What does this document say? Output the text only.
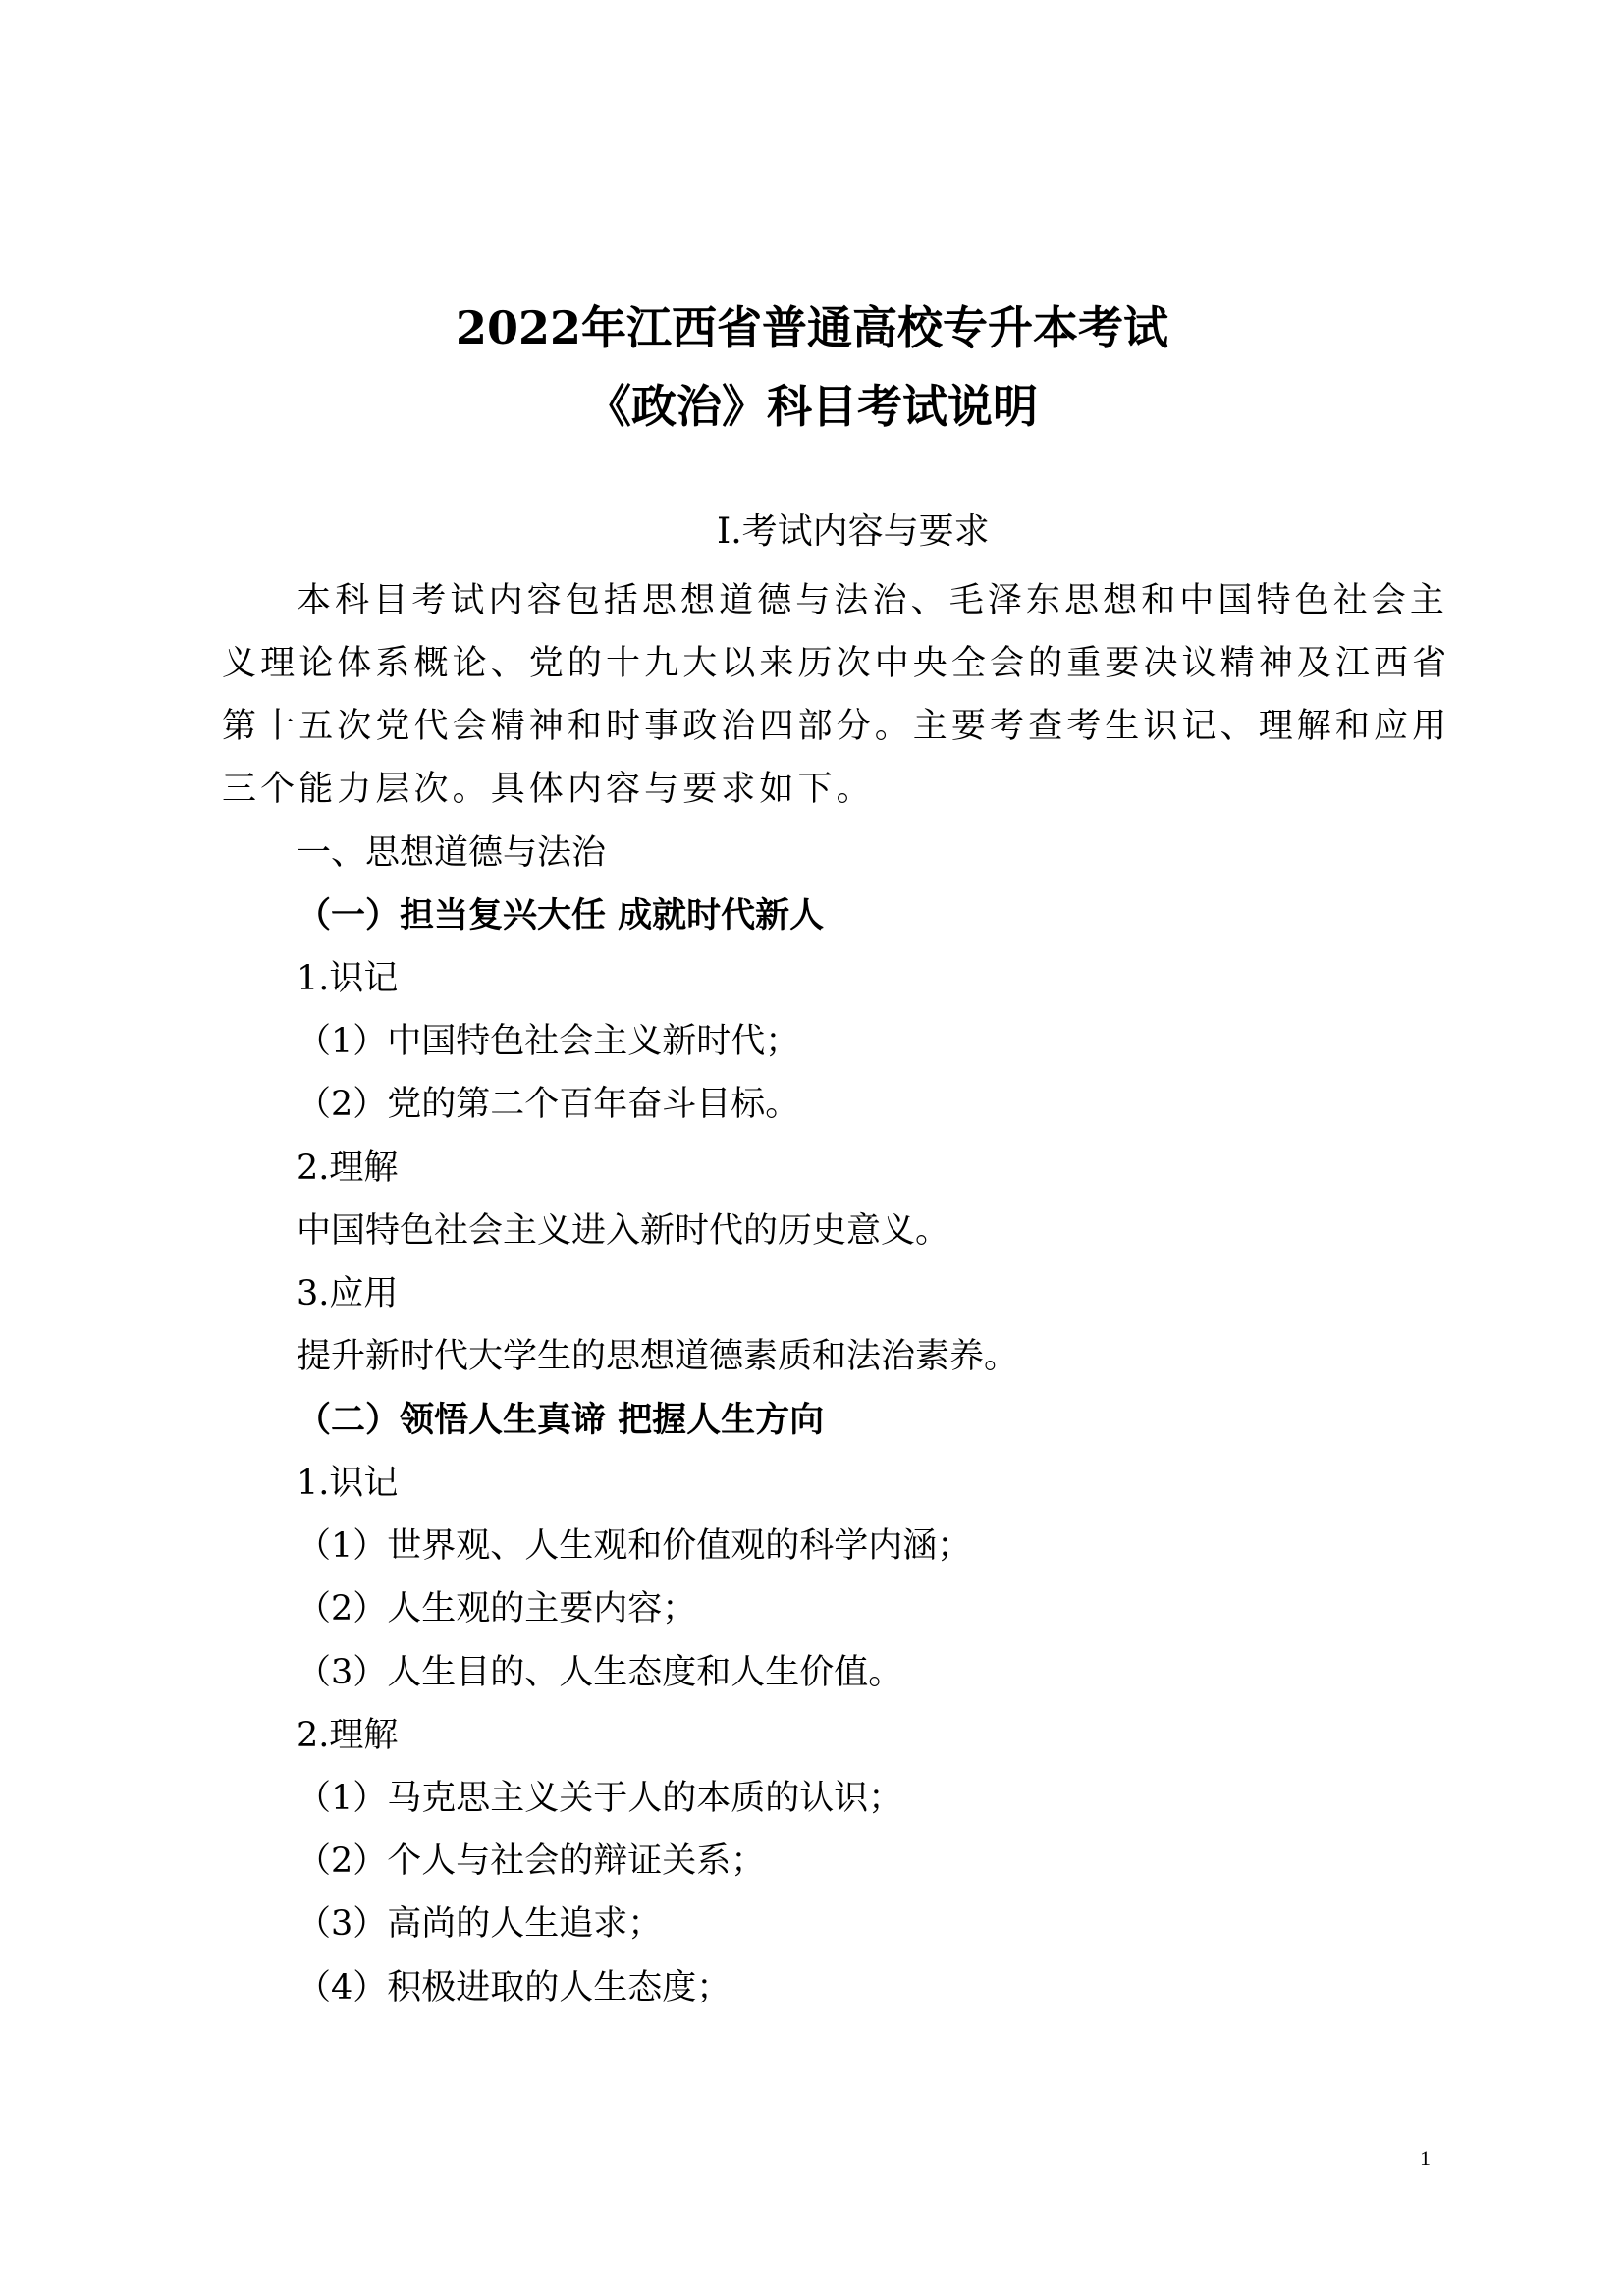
2022年江西省普通高校专升本考试
《政治》科目考试说明
Ⅰ.考试内容与要求
本科目考试内容包括思想道德与法治、毛泽东思想和中国特色社会主
义理论体系概论、党的十九大以来历次中央全会的重要决议精神及江西省
第十五次党代会精神和时事政治四部分。主要考查考生识记、理解和应用
三个能力层次。具体内容与要求如下。
一、思想道德与法治
（一）担当复兴大任 成就时代新人
1.识记
（1）中国特色社会主义新时代；
（2）党的第二个百年奋斗目标。
2.理解
中国特色社会主义进入新时代的历史意义。
3.应用
提升新时代大学生的思想道德素质和法治素养。
（二）领悟人生真谛 把握人生方向
1.识记
（1）世界观、人生观和价值观的科学内涵；
（2）人生观的主要内容；
（3）人生目的、人生态度和人生价值。
2.理解
（1）马克思主义关于人的本质的认识；
（2）个人与社会的辩证关系；
（3）高尚的人生追求；
（4）积极进取的人生态度；
1
